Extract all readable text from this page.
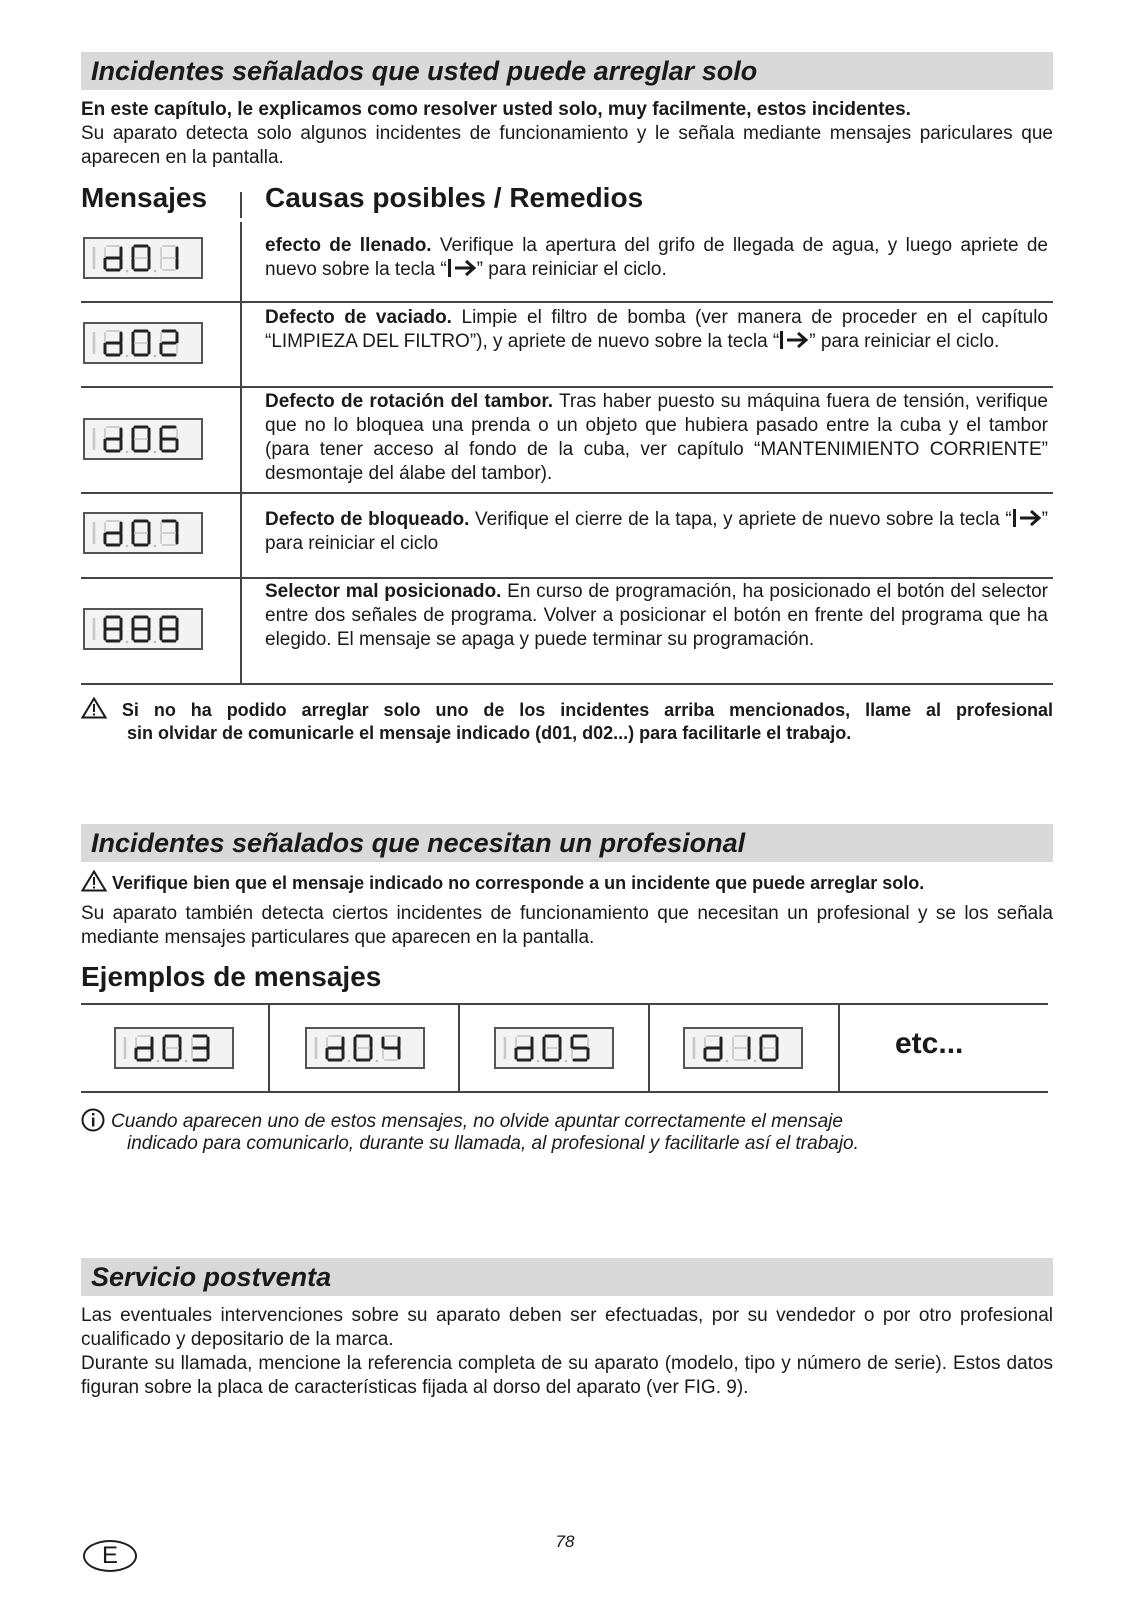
Incidentes señalados que usted puede arreglar solo

En este capítulo, le explicamos como resolver usted solo, muy facilmente, estos incidentes.
Su aparato detecta solo algunos incidentes de funcionamiento y le señala mediante mensajes pariculares que aparecen en la pantalla.

Mensajes Causas posibles / Remedios

efecto de llenado. Verifique la apertura del grifo de llegada de agua, y luego apriete de nuevo sobre la tecla “ ” para reiniciar el ciclo.

Defecto de vaciado. Limpie el filtro de bomba (ver manera de proceder en el capítulo “LIMPIEZA DEL FILTRO”), y apriete de nuevo sobre la tecla “ ” para reiniciar el ciclo.

Defecto de rotación del tambor. Tras haber puesto su máquina fuera de tensión, verifique que no lo bloquea una prenda o un objeto que hubiera pasado entre la cuba y el tambor (para tener acceso al fondo de la cuba, ver capítulo “MANTENIMIENTO CORRIENTE” desmontaje del álabe del tambor).

Defecto de bloqueado. Verifique el cierre de la tapa, y apriete de nuevo sobre la tecla “ ” para reiniciar el ciclo

Selector mal posicionado. En curso de programación, ha posicionado el botón del selector entre dos señales de programa. Volver a posicionar el botón en frente del programa que ha elegido. El mensaje se apaga y puede terminar su programación.

Si no ha podido arreglar solo uno de los incidentes arriba mencionados, llame al profesional
sin olvidar de comunicarle el mensaje indicado (d01, d02...) para facilitarle el trabajo.
Incidentes señalados que necesitan un profesional
Verifique bien que el mensaje indicado no corresponde a un incidente que puede arreglar solo.

Su aparato también detecta ciertos incidentes de funcionamiento que necesitan un profesional y se los señala mediante mensajes particulares que aparecen en la pantalla.

Ejemplos de mensajes
etc...
Cuando aparecen uno de estos mensajes, no olvide apuntar correctamente el mensaje
indicado para comunicarlo, durante su llamada, al profesional y facilitarle así el trabajo.
Servicio postventa

Las eventuales intervenciones sobre su aparato deben ser efectuadas, por su vendedor o por otro profesional cualificado y depositario de la marca.

Durante su llamada, mencione la referencia completa de su aparato (modelo, tipo y número de serie). Estos datos figuran sobre la placa de características fijada al dorso del aparato (ver FIG. 9).

E
78
